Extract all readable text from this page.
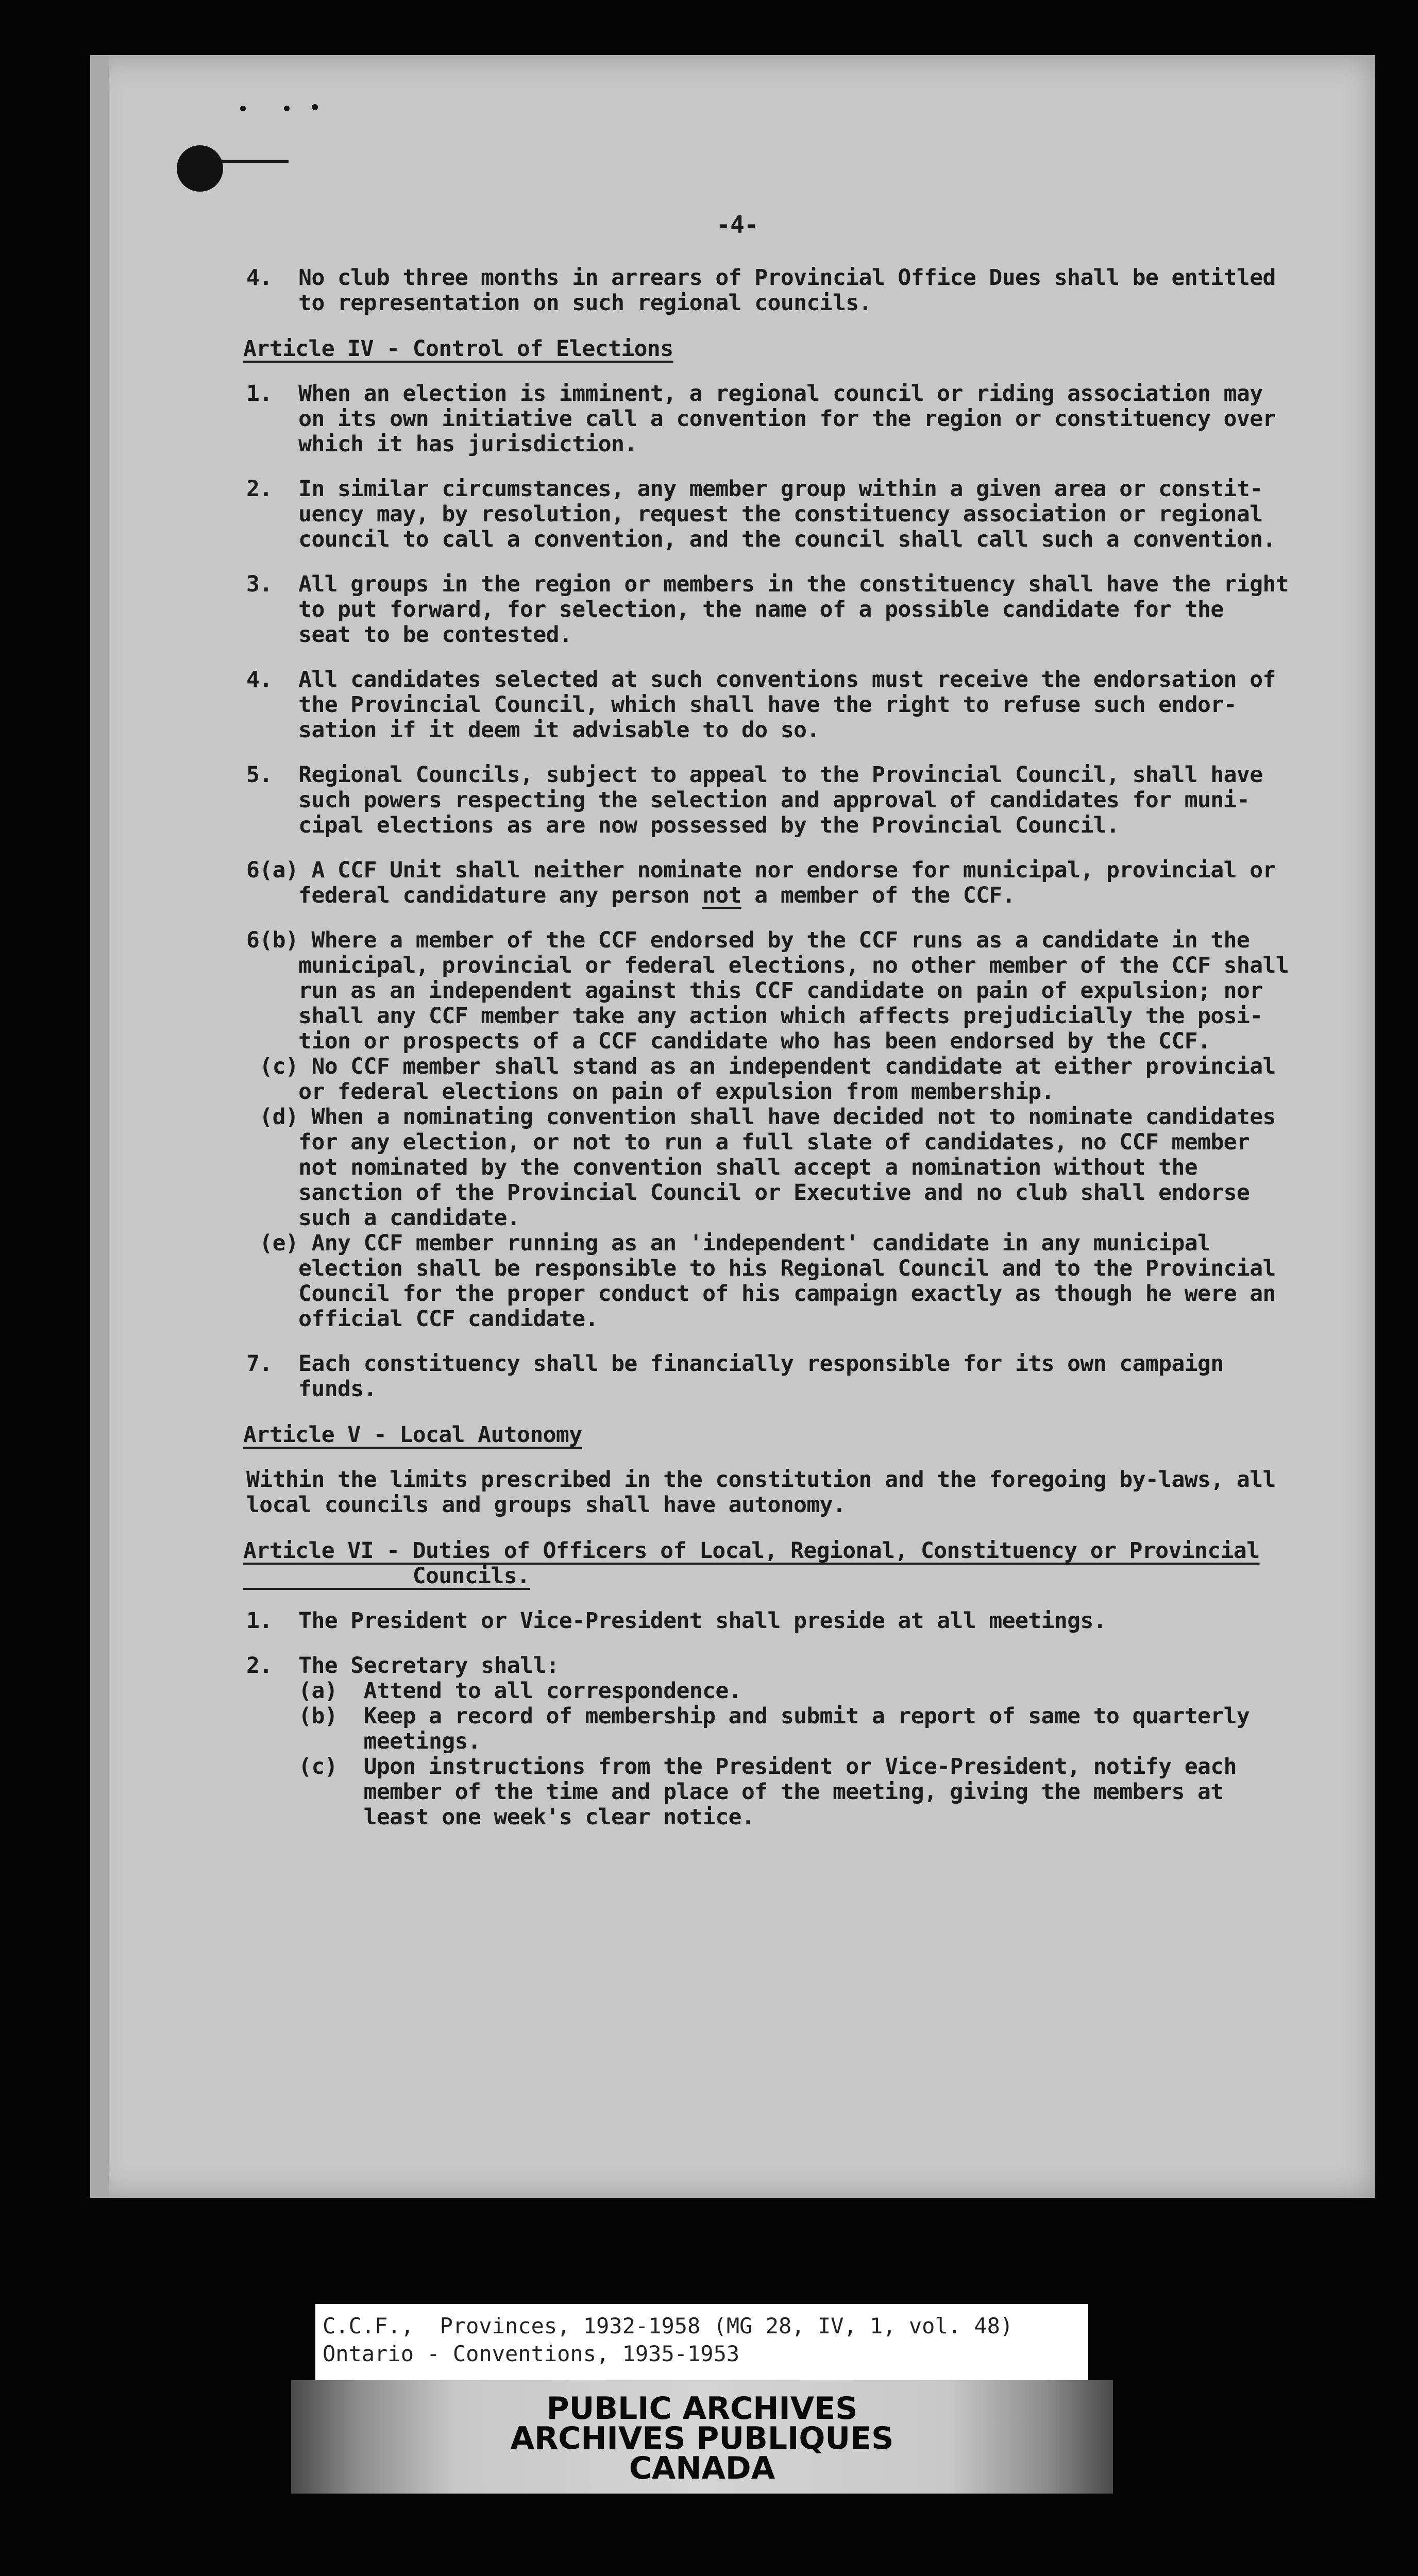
-4-
4.  No club three months in arrears of Provincial Office Dues shall be entitled
to representation on such regional councils.
Article IV - Control of Elections
1.  When an election is imminent, a regional council or riding association may
on its own initiative call a convention for the region or constituency over
which it has jurisdiction.
2.  In similar circumstances, any member group within a given area or constit-
uency may, by resolution, request the constituency association or regional
council to call a convention, and the council shall call such a convention.
3.  All groups in the region or members in the constituency shall have the right
to put forward, for selection, the name of a possible candidate for the
seat to be contested.
4.  All candidates selected at such conventions must receive the endorsation of
the Provincial Council, which shall have the right to refuse such endor-
sation if it deem it advisable to do so.
5.  Regional Councils, subject to appeal to the Provincial Council, shall have
such powers respecting the selection and approval of candidates for muni-
cipal elections as are now possessed by the Provincial Council.
6(a) A CCF Unit shall neither nominate nor endorse for municipal, provincial or
federal candidature any person not a member of the CCF.
6(b) Where a member of the CCF endorsed by the CCF runs as a candidate in the
municipal, provincial or federal elections, no other member of the CCF shall
run as an independent against this CCF candidate on pain of expulsion; nor
shall any CCF member take any action which affects prejudicially the posi-
tion or prospects of a CCF candidate who has been endorsed by the CCF.
(c) No CCF member shall stand as an independent candidate at either provincial
or federal elections on pain of expulsion from membership.
(d) When a nominating convention shall have decided not to nominate candidates
for any election, or not to run a full slate of candidates, no CCF member
not nominated by the convention shall accept a nomination without the
sanction of the Provincial Council or Executive and no club shall endorse
such a candidate.
(e) Any CCF member running as an 'independent' candidate in any municipal
election shall be responsible to his Regional Council and to the Provincial
Council for the proper conduct of his campaign exactly as though he were an
official CCF candidate.
7.  Each constituency shall be financially responsible for its own campaign
funds.
Article V - Local Autonomy
Within the limits prescribed in the constitution and the foregoing by-laws, all
local councils and groups shall have autonomy.
Article VI - Duties of Officers of Local, Regional, Constituency or Provincial
Councils.
1.  The President or Vice-President shall preside at all meetings.
2.  The Secretary shall:
(a)  Attend to all correspondence.
(b)  Keep a record of membership and submit a report of same to quarterly
meetings.
(c)  Upon instructions from the President or Vice-President, notify each
member of the time and place of the meeting, giving the members at
least one week's clear notice.
C.C.F.,  Provinces, 1932-1958 (MG 28, IV, 1, vol. 48)
Ontario - Conventions, 1935-1953
PUBLIC ARCHIVES
ARCHIVES PUBLIQUES
CANADA
